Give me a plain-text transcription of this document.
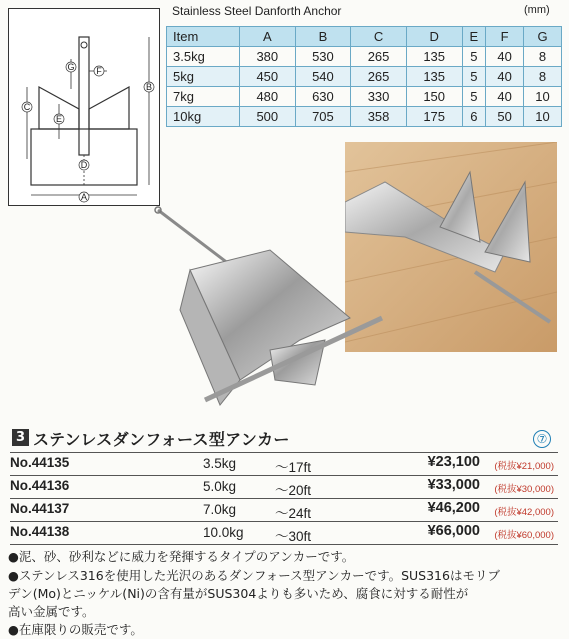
A
B
C
D
E
F
G
Stainless Steel Danforth Anchor	(mm)
Item	A	B	C	D	E	F	G
3.5kg	380	530	265	135	5	40	8
5kg	450	540	265	135	5	40	8
7kg	480	630	330	150	5	40	10
10kg	500	705	358	175	6	50	10
3 ステンレスダンフォース型アンカー	⑦
No.44135	3.5kg	～17ft	¥23,100 (税抜¥21,000)
No.44136	5.0kg	～20ft	¥33,000 (税抜¥30,000)
No.44137	7.0kg	～24ft	¥46,200 (税抜¥42,000)
No.44138	10.0kg ～30ft	¥66,000 (税抜¥60,000)
●泥、砂、砂利などに威力を発揮するタイプのアンカーです。
●ステンレス316を使用した光沢のあるダンフォース型アンカーです。SUS316はモリブ
デン(Mo)とニッケル(Ni)の含有量がSUS304よりも多いため、腐食に対する耐性が
高い金属です。
●在庫限りの販売です。
